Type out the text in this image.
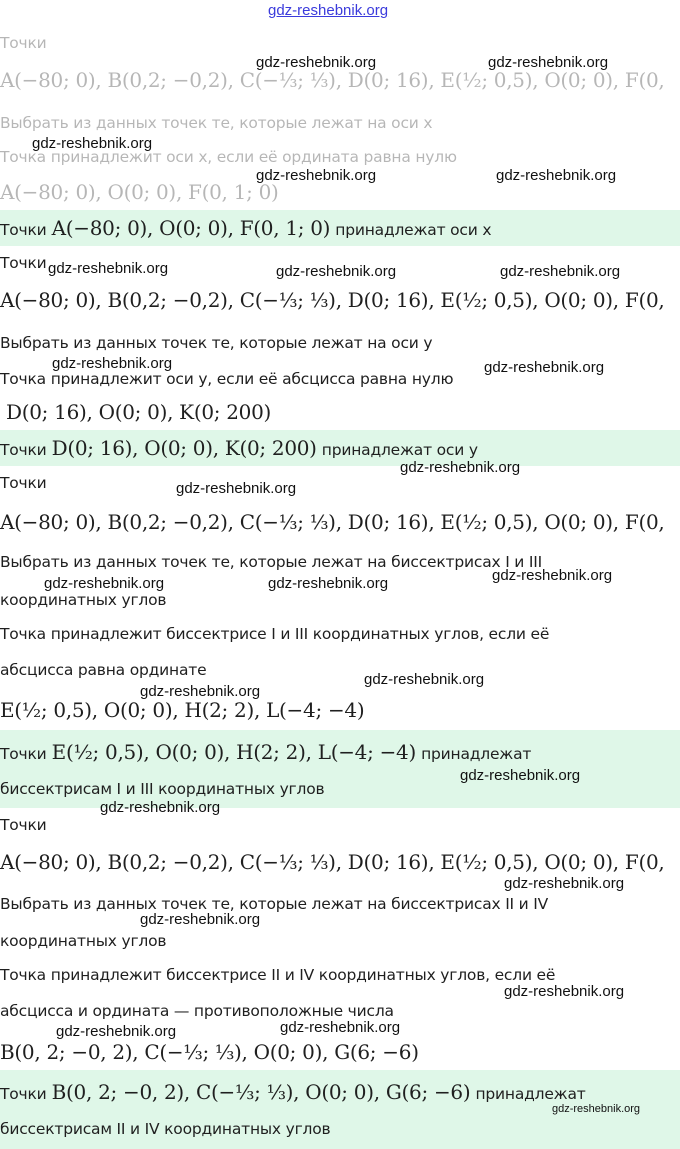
gdz-reshebnik.org
Точки
A(−80; 0), B(0,2; −0,2), C(−¹⁄₃; ¹⁄₃), D(0; 16), E(½; 0,5), O(0; 0), F(0,
Выбрать из данных точек те, которые лежат на оси x
Точка принадлежит оси x, если её ордината равна нулю
A(−80; 0), O(0; 0), F(0, 1; 0)
Точки A(−80; 0), O(0; 0), F(0, 1; 0) принадлежат оси x
Точки
A(−80; 0), B(0,2; −0,2), C(−¹⁄₃; ¹⁄₃), D(0; 16), E(½; 0,5), O(0; 0), F(0,
Выбрать из данных точек те, которые лежат на оси y
Точка принадлежит оси y, если её абсцисса равна нулю
D(0; 16), O(0; 0), K(0; 200)
Точки D(0; 16), O(0; 0), K(0; 200) принадлежат оси y
Точки
A(−80; 0), B(0,2; −0,2), C(−¹⁄₃; ¹⁄₃), D(0; 16), E(½; 0,5), O(0; 0), F(0,
Выбрать из данных точек те, которые лежат на биссектрисах I и III
координатных углов
Точка принадлежит биссектрисе I и III координатных углов, если её
абсцисса равна ординате
E(½; 0,5), O(0; 0), H(2; 2), L(−4; −4)
Точки E(½; 0,5), O(0; 0), H(2; 2), L(−4; −4) принадлежат
биссектрисам I и III координатных углов
Точки
A(−80; 0), B(0,2; −0,2), C(−¹⁄₃; ¹⁄₃), D(0; 16), E(½; 0,5), O(0; 0), F(0,
Выбрать из данных точек те, которые лежат на биссектрисах II и IV
координатных углов
Точка принадлежит биссектрисе II и IV координатных углов, если её
абсцисса и ордината — противоположные числа
B(0, 2; −0, 2), C(−⅓; ⅓), O(0; 0), G(6; −6)
Точки B(0, 2; −0, 2), C(−⅓; ⅓), O(0; 0), G(6; −6) принадлежат
биссектрисам II и IV координатных углов
gdz-reshebnik.org	gdz-reshebnik.org
gdz-reshebnik.org
gdz-reshebnik.org	gdz-reshebnik.org
gdz-reshebnik.org	gdz-reshebnik.org	gdz-reshebnik.org
gdz-reshebnik.org	gdz-reshebnik.org
gdz-reshebnik.org
gdz-reshebnik.org
gdz-reshebnik.org	gdz-reshebnik.org	gdz-reshebnik.org
gdz-reshebnik.org
gdz-reshebnik.org
gdz-reshebnik.org
gdz-reshebnik.org
gdz-reshebnik.org
gdz-reshebnik.org
gdz-reshebnik.org
gdz-reshebnik.org	gdz-reshebnik.org
gdz-reshebnik.org
